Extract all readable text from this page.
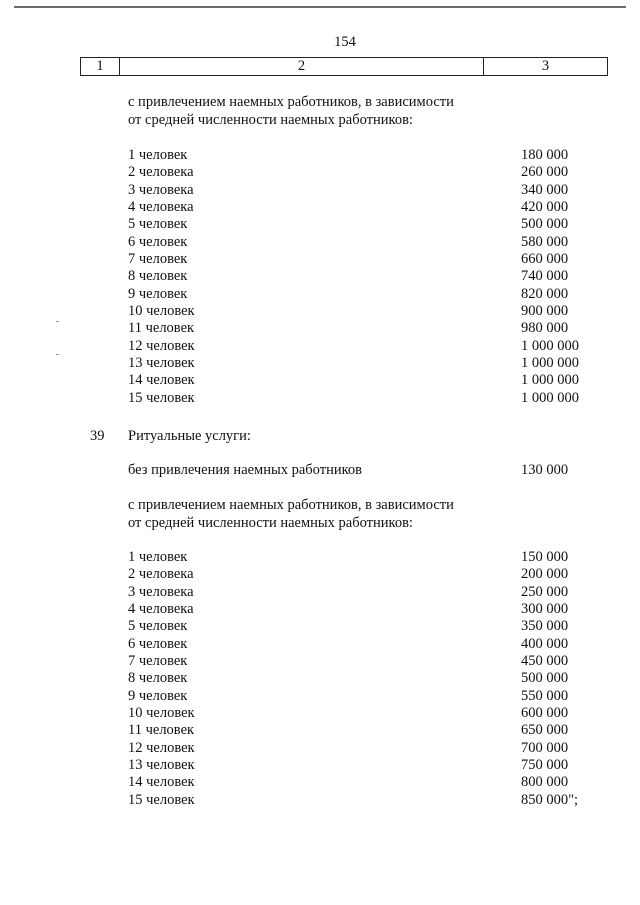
154
1	2	3
с привлечением наемных работников, в зависимости
от средней численности наемных работников:
1 человек	180 000
2 человека	260 000
3 человека	340 000
4 человека	420 000
5 человек	500 000
6 человек	580 000
7 человек	660 000
8 человек	740 000
9 человек	820 000
10 человек	900 000
11 человек	980 000
12 человек	1 000 000
13 человек	1 000 000
14 человек	1 000 000
15 человек	1 000 000
39 Ритуальные услуги:
без привлечения наемных работников	130 000
с привлечением наемных работников, в зависимости
от средней численности наемных работников:
1 человек	150 000
2 человека	200 000
3 человека	250 000
4 человека	300 000
5 человек	350 000
6 человек	400 000
7 человек	450 000
8 человек	500 000
9 человек	550 000
10 человек	600 000
11 человек	650 000
12 человек	700 000
13 человек	750 000
14 человек	800 000
15 человек	850 000";
